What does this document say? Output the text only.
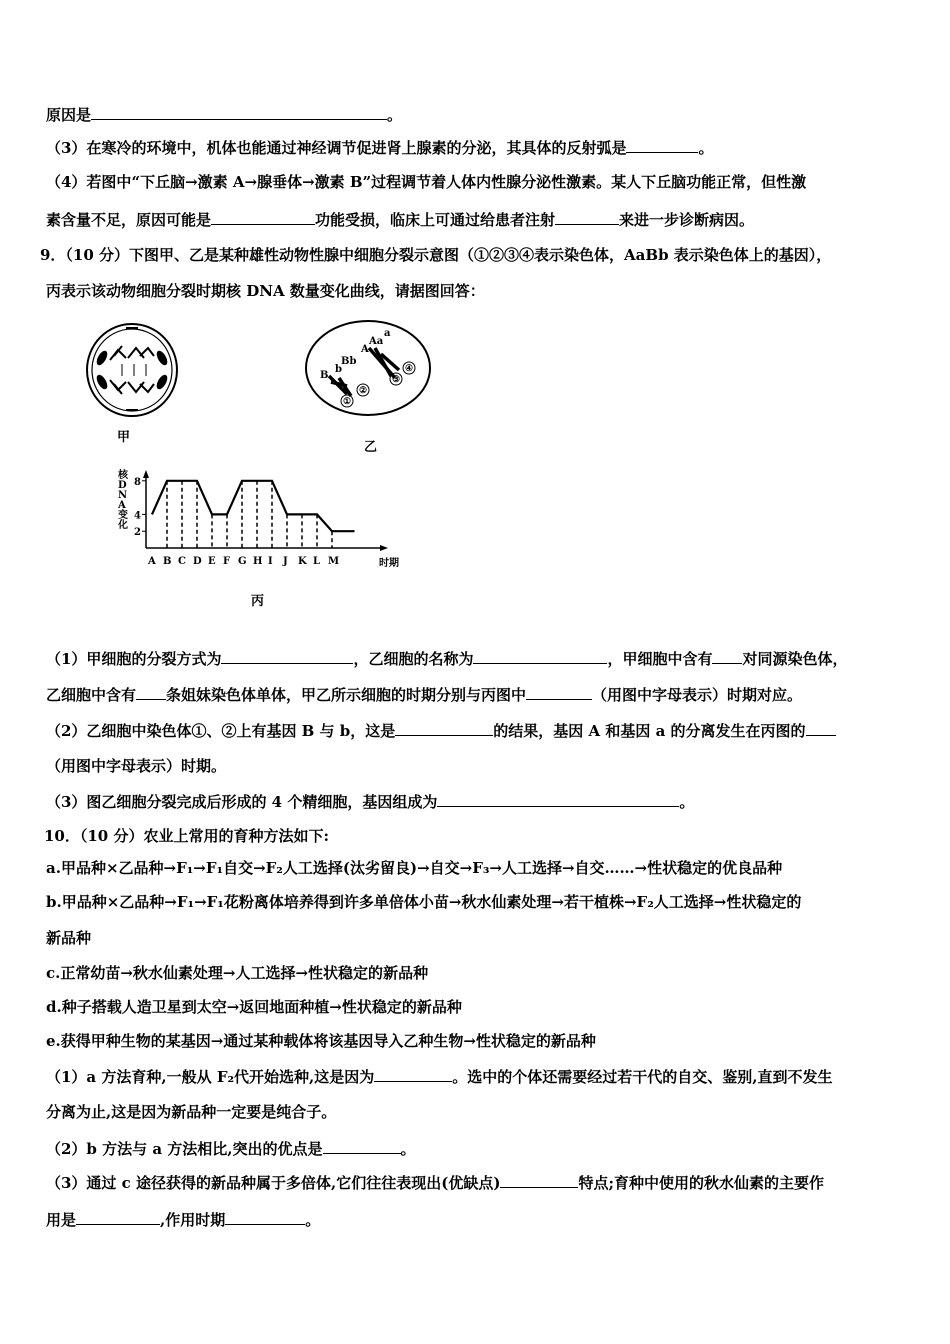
原因是	。
（3）在寒冷的环境中，机体也能通过神经调节促进肾上腺素的分泌，其具体的反射弧是	。
（4）若图中“下丘脑→激素 A→腺垂体→激素 B”过程调节着人体内性腺分泌性激素。某人下丘脑功能正常，但性激
素含量不足，原因可能是	功能受损，临床上可通过给患者注射	来进一步诊断病因。
9．（10 分）下图甲、乙是某种雄性动物性腺中细胞分裂示意图（①②③④表示染色体，AaBb 表示染色体上的基因），
丙表示该动物细胞分裂时期核 DNA 数量变化曲线，请据图回答：
甲
①
②
③
④
B
b
Bb
A
a
Aa
乙
核 D N A 变化
时期
2
4
8
A B C D E F G H I J K L M
丙
（1）甲细胞的分裂方式为	，乙细胞的名称为	，甲细胞中含有 对同源染色体，
乙细胞中含有 条姐妹染色体单体，甲乙所示细胞的时期分别与丙图中	（用图中字母表示）时期对应。
（2）乙细胞中染色体①、②上有基因 B 与 b，这是	的结果，基因 A 和基因 a 的分离发生在丙图的
（用图中字母表示）时期。
（3）图乙细胞分裂完成后形成的 4 个精细胞，基因组成为	。
10．（10 分）农业上常用的育种方法如下:
a.甲品种×乙品种→F₁→F₁自交→F₂人工选择(汰劣留良)→自交→F₃→人工选择→自交……→性状稳定的优良品种
b.甲品种×乙品种→F₁→F₁花粉离体培养得到许多单倍体小苗→秋水仙素处理→若干植株→F₂人工选择→性状稳定的
新品种
c.正常幼苗→秋水仙素处理→人工选择→性状稳定的新品种
d.种子搭载人造卫星到太空→返回地面种植→性状稳定的新品种
e.获得甲种生物的某基因→通过某种载体将该基因导入乙种生物→性状稳定的新品种
（1）a 方法育种,一般从 F₂代开始选种,这是因为	。选中的个体还需要经过若干代的自交、鉴别,直到不发生
分离为止,这是因为新品种一定要是纯合子。
（2）b 方法与 a 方法相比,突出的优点是	。
（3）通过 c 途径获得的新品种属于多倍体,它们往往表现出(优缺点)	特点;育种中使用的秋水仙素的主要作
用是	,作用时期	。
